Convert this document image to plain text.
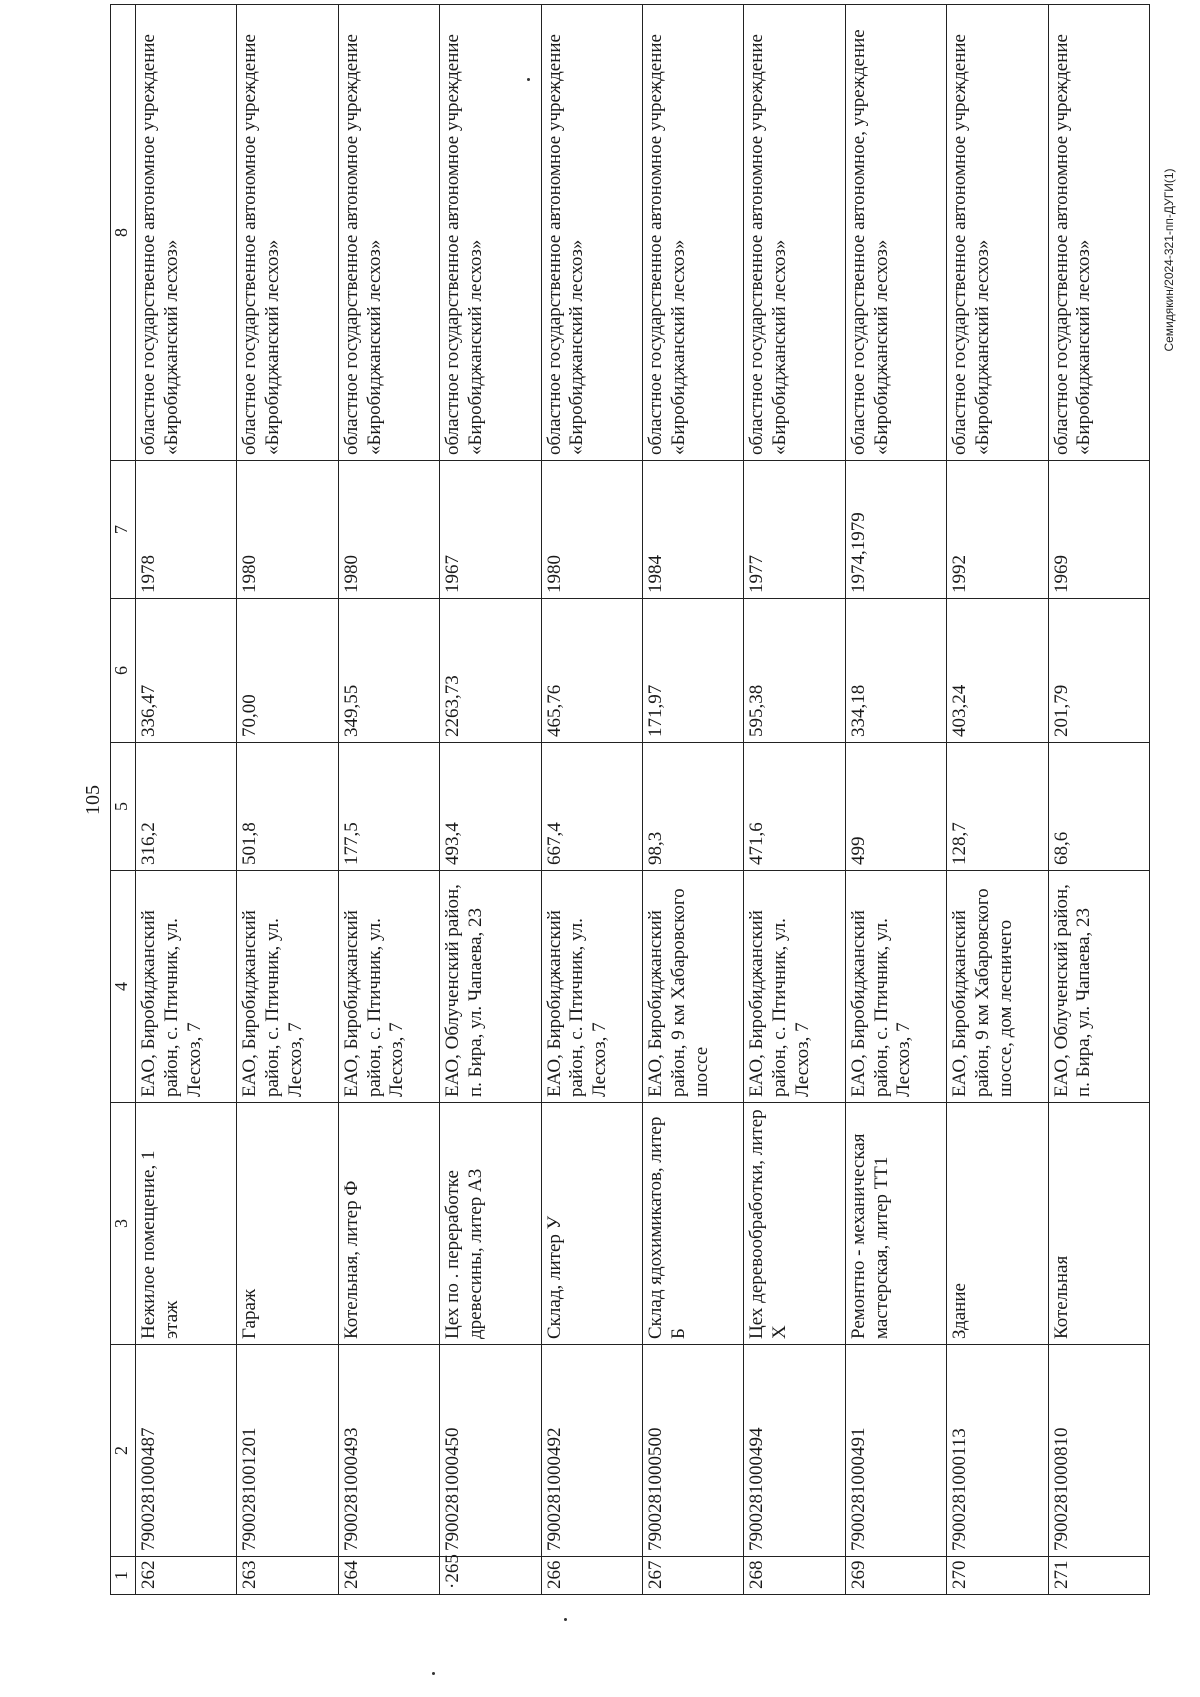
105
1	2	3	4	5	6	7	8
262	7900281000487	Нежилое помещение, 1 этаж	ЕАО, Биробиджанский район, с. Птичник, ул. Лесхоз, 7	316,2	336,47	1978	областное государственное автономное учреждение «Биробиджанский лесхоз»
263	7900281001201	Гараж	ЕАО, Биробиджанский район, с. Птичник, ул. Лесхоз, 7	501,8	70,00	1980	областное государственное автономное учреждение «Биробиджанский лесхоз»
264	7900281000493	Котельная, литер Ф	ЕАО, Биробиджанский район, с. Птичник, ул. Лесхоз, 7	177,5	349,55	1980	областное государственное автономное учреждение «Биробиджанский лесхоз»
·265	7900281000450	Цех по . переработке древесины, литер А3	ЕАО, Облученский район, п. Бира, ул. Чапаева, 23	493,4	2263,73	1967	областное государственное автономное учреждение «Биробиджанский лесхоз»
266	7900281000492	Склад, литер У	ЕАО, Биробиджанский район, с. Птичник, ул. Лесхоз, 7	667,4	465,76	1980	областное государственное автономное учреждение «Биробиджанский лесхоз»
267	7900281000500	Склад ядохимикатов, литер Б	ЕАО, Биробиджанский район, 9 км Хабаровского шоссе	98,3	171,97	1984	областное государственное автономное учреждение «Биробиджанский лесхоз»
268	7900281000494	Цех деревообработки, литер Х	ЕАО, Биробиджанский район, с. Птичник, ул. Лесхоз, 7	471,6	595,38	1977	областное государственное автономное учреждение «Биробиджанский лесхоз»
269	7900281000491	Ремонтно - механическая мастерская, литер ТТ1	ЕАО, Биробиджанский район, с. Птичник, ул. Лесхоз, 7	499	334,18	1974,1979	областное государственное автономное, учреждение «Биробиджанский лесхоз»
270	7900281000113	Здание	ЕАО, Биробиджанский район, 9 км Хабаровского шоссе, дом лесничего	128,7	403,24	1992	областное государственное автономное учреждение «Биробиджанский лесхоз»
271	7900281000810	Котельная	ЕАО, Облученский район, п. Бира, ул. Чапаева, 23	68,6	201,79	1969	областное государственное автономное учреждение «Биробиджанский лесхоз»	Семидякин/2024-321-пп-ДУГИ(1)
